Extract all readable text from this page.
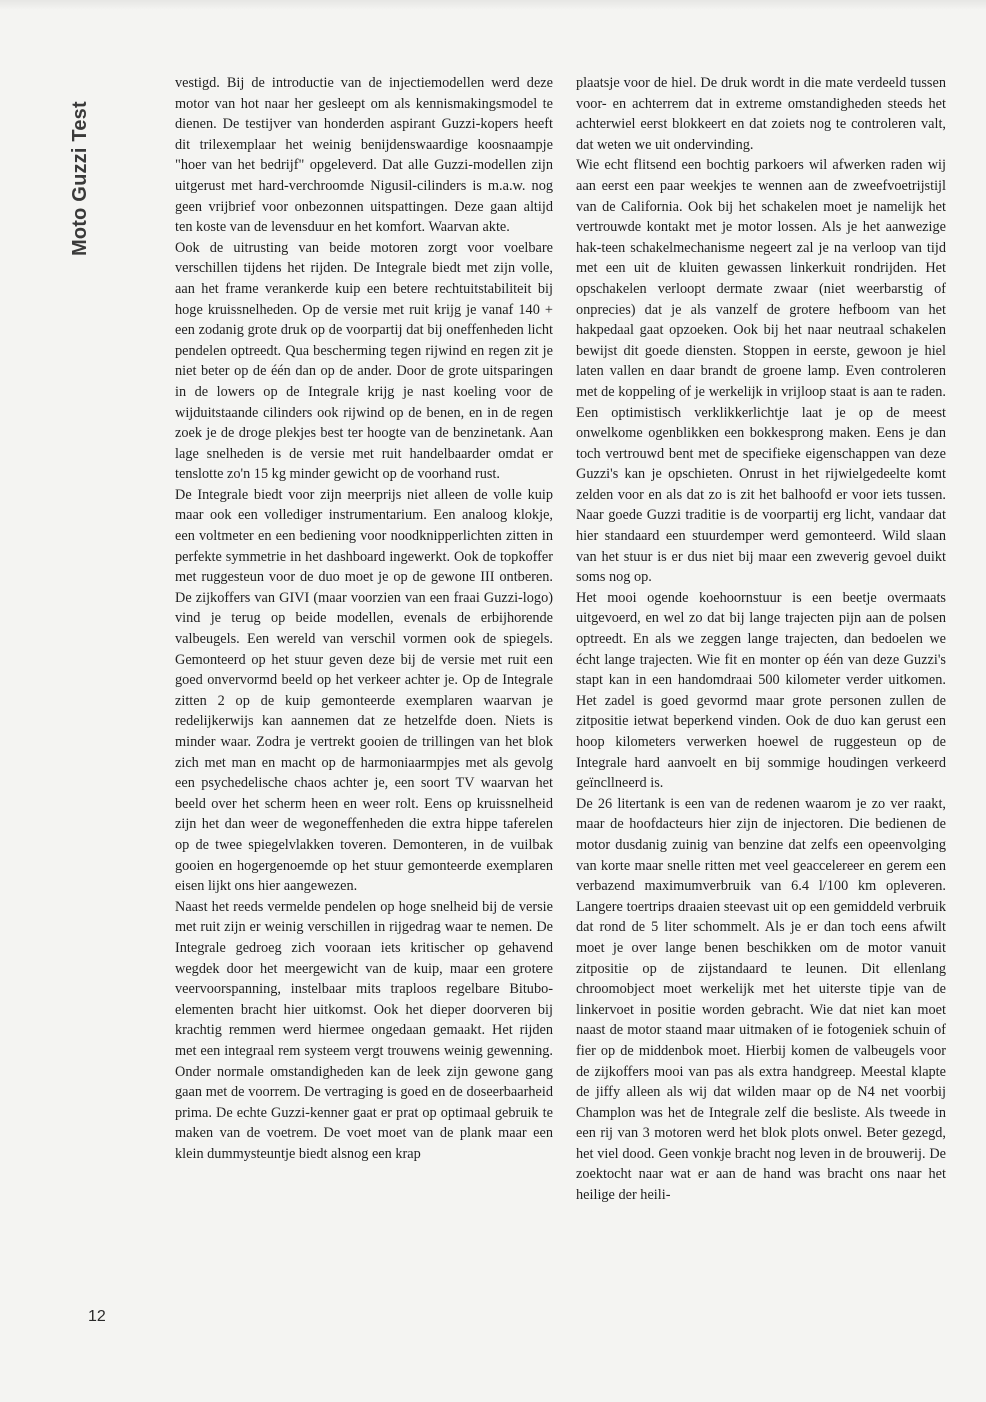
Moto Guzzi Test

vestigd. Bij de introductie van de injectiemodellen werd deze motor van hot naar her gesleept om als kennismakingsmodel te dienen. De testijver van honderden aspirant Guzzi-kopers heeft dit trilexemplaar het weinig benijdenswaardige koosnaampje "hoer van het bedrijf" opgeleverd. Dat alle Guzzi-modellen zijn uitgerust met hard-verchroomde Nigusil-cilinders is m.a.w. nog geen vrijbrief voor onbezonnen uitspattingen. Deze gaan altijd ten koste van de levensduur en het komfort. Waarvan akte.

Ook de uitrusting van beide motoren zorgt voor voelbare verschillen tijdens het rijden. De Integrale biedt met zijn volle, aan het frame verankerde kuip een betere rechtuitstabiliteit bij hoge kruissnelheden. Op de versie met ruit krijg je vanaf 140 + een zodanig grote druk op de voorpartij dat bij oneffenheden licht pendelen optreedt. Qua bescherming tegen rijwind en regen zit je niet beter op de één dan op de ander. Door de grote uitsparingen in de lowers op de Integrale krijg je nast koeling voor de wijduitstaande cilinders ook rijwind op de benen, en in de regen zoek je de droge plekjes best ter hoogte van de benzinetank. Aan lage snelheden is de versie met ruit handelbaarder omdat er tenslotte zo'n 15 kg minder gewicht op de voorhand rust.

De Integrale biedt voor zijn meerprijs niet alleen de volle kuip maar ook een vollediger instrumentarium. Een analoog klokje, een voltmeter en een bediening voor noodknipperlichten zitten in perfekte symmetrie in het dashboard ingewerkt. Ook de topkoffer met ruggesteun voor de duo moet je op de gewone III ontberen. De zijkoffers van GIVI (maar voorzien van een fraai Guzzi-logo) vind je terug op beide modellen, evenals de erbijhorende valbeugels. Een wereld van verschil vormen ook de spiegels. Gemonteerd op het stuur geven deze bij de versie met ruit een goed onvervormd beeld op het verkeer achter je. Op de Integrale zitten 2 op de kuip gemonteerde exemplaren waarvan je redelijkerwijs kan aannemen dat ze hetzelfde doen. Niets is minder waar. Zodra je vertrekt gooien de trillingen van het blok zich met man en macht op de harmoniaarmpjes met als gevolg een psychedelische chaos achter je, een soort TV waarvan het beeld over het scherm heen en weer rolt. Eens op kruissnelheid zijn het dan weer de wegoneffenheden die extra hippe taferelen op de twee spiegelvlakken toveren. Demonteren, in de vuilbak gooien en hogergenoemde op het stuur gemonteerde exemplaren eisen lijkt ons hier aangewezen.

Naast het reeds vermelde pendelen op hoge snelheid bij de versie met ruit zijn er weinig verschillen in rijgedrag waar te nemen. De Integrale gedroeg zich vooraan iets kritischer op gehavend wegdek door het meergewicht van de kuip, maar een grotere veervoorspanning, instelbaar mits traploos regelbare Bitubo-elementen bracht hier uitkomst. Ook het dieper doorveren bij krachtig remmen werd hiermee ongedaan gemaakt. Het rijden met een integraal rem systeem vergt trouwens weinig gewenning. Onder normale omstandigheden kan de leek zijn gewone gang gaan met de voorrem. De vertraging is goed en de doseerbaarheid prima. De echte Guzzi-kenner gaat er prat op optimaal gebruik te maken van de voetrem. De voet moet van de plank maar een klein dummysteuntje biedt alsnog een krap

plaatsje voor de hiel. De druk wordt in die mate verdeeld tussen voor- en achterrem dat in extreme omstandigheden steeds het achterwiel eerst blokkeert en dat zoiets nog te controleren valt, dat weten we uit ondervinding.

Wie echt flitsend een bochtig parkoers wil afwerken raden wij aan eerst een paar weekjes te wennen aan de zweefvoetrijstijl van de California. Ook bij het schakelen moet je namelijk het vertrouwde kontakt met je motor lossen. Als je het aanwezige hak-teen schakelmechanisme negeert zal je na verloop van tijd met een uit de kluiten gewassen linkerkuit rondrijden. Het opschakelen verloopt dermate zwaar (niet weerbarstig of onprecies) dat je als vanzelf de grotere hefboom van het hakpedaal gaat opzoeken. Ook bij het naar neutraal schakelen bewijst dit goede diensten. Stoppen in eerste, gewoon je hiel laten vallen en daar brandt de groene lamp. Even controleren met de koppeling of je werkelijk in vrijloop staat is aan te raden. Een optimistisch verklikkerlichtje laat je op de meest onwelkome ogenblikken een bokkesprong maken. Eens je dan toch vertrouwd bent met de specifieke eigenschappen van deze Guzzi's kan je opschieten. Onrust in het rijwielgedeelte komt zelden voor en als dat zo is zit het balhoofd er voor iets tussen. Naar goede Guzzi traditie is de voorpartij erg licht, vandaar dat hier standaard een stuurdemper werd gemonteerd. Wild slaan van het stuur is er dus niet bij maar een zweverig gevoel duikt soms nog op.

Het mooi ogende koehoornstuur is een beetje overmaats uitgevoerd, en wel zo dat bij lange trajecten pijn aan de polsen optreedt. En als we zeggen lange trajecten, dan bedoelen we écht lange trajecten. Wie fit en monter op één van deze Guzzi's stapt kan in een handomdraai 500 kilometer verder uitkomen. Het zadel is goed gevormd maar grote personen zullen de zitpositie ietwat beperkend vinden. Ook de duo kan gerust een hoop kilometers verwerken hoewel de ruggesteun op de Integrale hard aanvoelt en bij sommige houdingen verkeerd geïncllneerd is.

De 26 litertank is een van de redenen waarom je zo ver raakt, maar de hoofdacteurs hier zijn de injectoren. Die bedienen de motor dusdanig zuinig van benzine dat zelfs een opeenvolging van korte maar snelle ritten met veel geaccelereer en gerem een verbazend maximumverbruik van 6.4 l/100 km opleveren. Langere toertrips draaien steevast uit op een gemiddeld verbruik dat rond de 5 liter schommelt. Als je er dan toch eens afwilt moet je over lange benen beschikken om de motor vanuit zitpositie op de zijstandaard te leunen. Dit ellenlang chroomobject moet werkelijk met het uiterste tipje van de linkervoet in positie worden gebracht. Wie dat niet kan moet naast de motor staand maar uitmaken of ie fotogeniek schuin of fier op de middenbok moet. Hierbij komen de valbeugels voor de zijkoffers mooi van pas als extra handgreep. Meestal klapte de jiffy alleen als wij dat wilden maar op de N4 net voorbij Champlon was het de Integrale zelf die besliste. Als tweede in een rij van 3 motoren werd het blok plots onwel. Beter gezegd, het viel dood. Geen vonkje bracht nog leven in de brouwerij. De zoektocht naar wat er aan de hand was bracht ons naar het heilige der heili-

12
